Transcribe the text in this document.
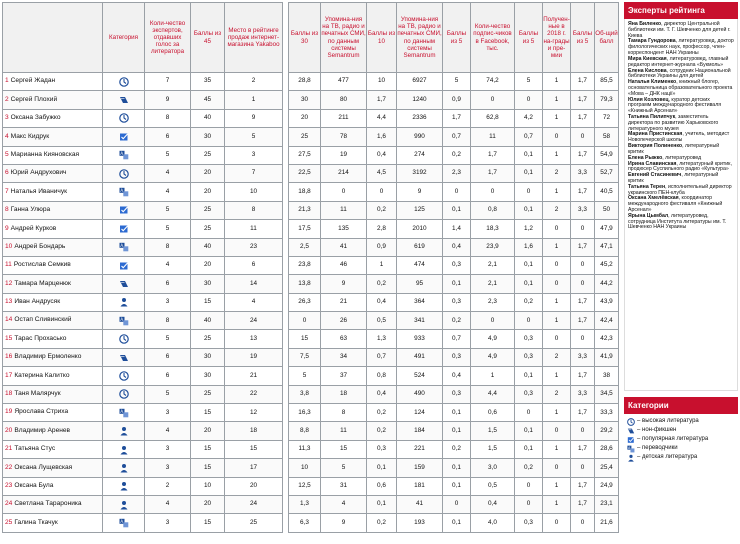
	Категория	Коли-чество экспертов, отдавших голос за литератора	Баллы из 45	Место в рейтинге продаж интернет-магазина Yakaboo
1 Сергей Жадан		7	35	2
2 Сергей Плохий		9	45	1
3 Оксана Забужко		8	40	9
4 Макс Кидрук		6	30	5
5 Марианна Кияновская	A	5	25	3
6 Юрий Андрухович		4	20	7
7 Наталья Иваничук	A	4	20	10
8 Ганна Улюра		5	25	8
9 Андрей Курков		5	25	11
10 Андрей Бондарь	A	8	40	23
11 Ростислав Семкив		4	20	6
12 Тамара Марценюк		6	30	14
13 Иван Андрусяк		3	15	4
14 Остап Сливинский	A	8	40	24
15 Тарас Прохасько		5	25	13
16 Владимир Ермоленко		6	30	19
17 Катерина Калитко		6	30	21
18 Таня Малярчук		5	25	22
19 Ярослава Стриха	A	3	15	12
20 Владимир Аренев		4	20	18
21 Татьяна Стус		3	15	15
22 Оксана Лущевская		3	15	17
23 Оксана Була		2	10	20
24 Светлана Тарароника		4	20	24
25 Галина Ткачук	A	3	15	25
Баллы из 30	Упомина-ния на ТВ, радио и печатных СМИ, по данным системы Semantrum	Баллы из 10	Упомина-ния на ТВ, радио и печатных СМИ, по данным системы Semantrum	Баллы из 5	Коли-чество подпис-чиков в Facebook, тыс.	Баллы из 5	Получен-ные в 2018 г. на-грады и пре-мии	Баллы из 5	Об-щий балл
28,8	477	10	6927	5	74,2	5	1	1,7	85,5
30	80	1,7	1240	0,9	0	0	1	1,7	79,3
20	211	4,4	2336	1,7	62,8	4,2	1	1,7	72
25	78	1,6	990	0,7	11	0,7	0	0	58
27,5	19	0,4	274	0,2	1,7	0,1	1	1,7	54,9
22,5	214	4,5	3192	2,3	1,7	0,1	2	3,3	52,7
18,8	0	0	9	0	0	0	1	1,7	40,5
21,3	11	0,2	125	0,1	0,8	0,1	2	3,3	50
17,5	135	2,8	2010	1,4	18,3	1,2	0	0	47,9
2,5	41	0,9	619	0,4	23,9	1,6	1	1,7	47,1
23,8	46	1	474	0,3	2,1	0,1	0	0	45,2
13,8	9	0,2	95	0,1	2,1	0,1	0	0	44,2
26,3	21	0,4	364	0,3	2,3	0,2	1	1,7	43,9
0	26	0,5	341	0,2	0	0	1	1,7	42,4
15	63	1,3	933	0,7	4,9	0,3	0	0	42,3
7,5	34	0,7	491	0,3	4,9	0,3	2	3,3	41,9
5	37	0,8	524	0,4	1	0,1	1	1,7	38
3,8	18	0,4	490	0,3	4,4	0,3	2	3,3	34,5
16,3	8	0,2	124	0,1	0,6	0	1	1,7	33,3
8,8	11	0,2	184	0,1	1,5	0,1	0	0	29,2
11,3	15	0,3	221	0,2	1,5	0,1	1	1,7	28,6
10	5	0,1	159	0,1	3,0	0,2	0	0	25,4
12,5	31	0,6	181	0,1	0,5	0	1	1,7	24,9
1,3	4	0,1	41	0	0,4	0	1	1,7	23,1
6,3	9	0,2	193	0,1	4,0	0,3	0	0	21,6
Эксперты рейтинга

Яна Биленко, директор Центральной библиотеки им. Т. Г. Шевченко для детей г. Киева

Тамара Гундорова, литературовед, доктор филологических наук, профессор, член-корреспондент НАН Украины

Мира Киевская, литературовед, главный редактор интернет-журнала «Букмоль»

Елена Кислова, сотрудник Национальной библиотеки Украины для детей

Наталья Клименко, книжный блогер, основательница образовательного проекта «Мова – ДНК нації»

Юлия Козловец, куратор детских программ международного фестиваля «Книжный Арсенал»

Татьяна Пилипчук, заместитель директора по развитию Харьковского литературного музея

Марина Пристинская, учитель, методист Новопечерской школы

Виктория Полиненко, литературный критик

Елена Рыжко, литературовед

Ирина Славинская, литературный критик, продюсер Суспильного радио «Культура»

Евгений Стасиневич, литературный критик

Татьяна Терен, исполнительный директор украинского ПЕН-клуба

Оксана Хмелёвская, координатор международного фестиваля «Книжный Арсенал»

Ярына Цымбал, литературовед, сотрудница Института литературы им. Т. Шевченко НАН Украины

Категории
– высокая литература
– нон-фикшен
– популярная литература
A – переводчики
– детская литература
